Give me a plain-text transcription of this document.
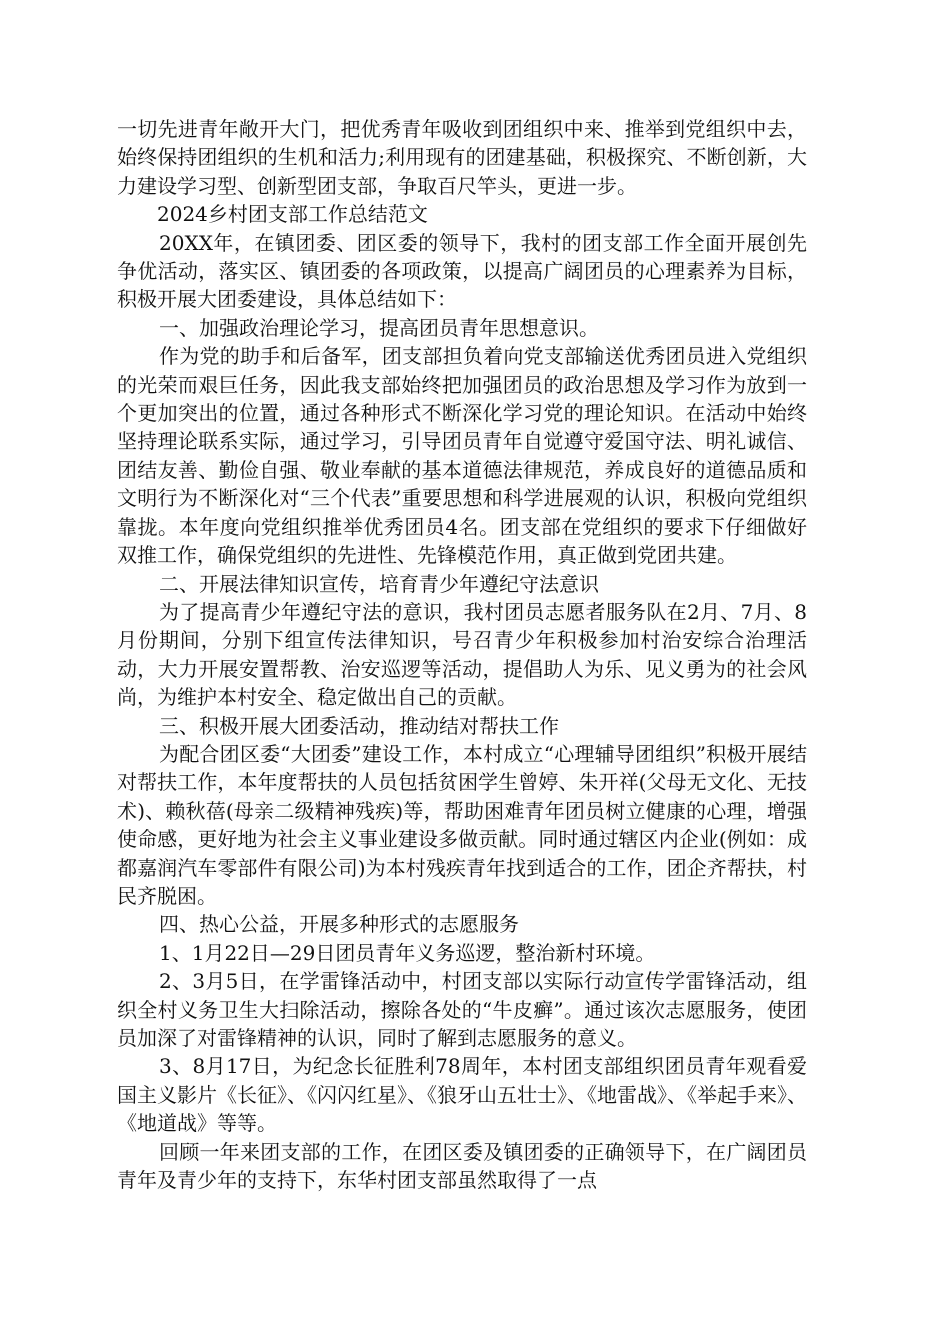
一切先进青年敞开大门，把优秀青年吸收到团组织中来、推举到党组织中去，始终保持团组织的生机和活力;利用现有的团建基础，积极探究、不断创新，大力建设学习型、创新型团支部，争取百尺竿头，更进一步。

2024乡村团支部工作总结范文

20XX年，在镇团委、团区委的领导下，我村的团支部工作全面开展创先争优活动，落实区、镇团委的各项政策，以提高广阔团员的心理素养为目标，积极开展大团委建设，具体总结如下：

一、加强政治理论学习，提高团员青年思想意识。

作为党的助手和后备军，团支部担负着向党支部输送优秀团员进入党组织的光荣而艰巨任务，因此我支部始终把加强团员的政治思想及学习作为放到一个更加突出的位置，通过各种形式不断深化学习党的理论知识。在活动中始终坚持理论联系实际，通过学习，引导团员青年自觉遵守爱国守法、明礼诚信、团结友善、勤俭自强、敬业奉献的基本道德法律规范，养成良好的道德品质和文明行为不断深化对“三个代表”重要思想和科学进展观的认识，积极向党组织靠拢。本年度向党组织推举优秀团员4名。团支部在党组织的要求下仔细做好双推工作，确保党组织的先进性、先锋模范作用，真正做到党团共建。

二、开展法律知识宣传，培育青少年遵纪守法意识

为了提高青少年遵纪守法的意识，我村团员志愿者服务队在2月、7月、8月份期间，分别下组宣传法律知识，号召青少年积极参加村治安综合治理活动，大力开展安置帮教、治安巡逻等活动，提倡助人为乐、见义勇为的社会风尚，为维护本村安全、稳定做出自己的贡献。

三、积极开展大团委活动，推动结对帮扶工作

为配合团区委“大团委”建设工作，本村成立“心理辅导团组织”积极开展结对帮扶工作，本年度帮扶的人员包括贫困学生曾婷、朱开祥(父母无文化、无技术)、赖秋蓓(母亲二级精神残疾)等，帮助困难青年团员树立健康的心理，增强使命感，更好地为社会主义事业建设多做贡献。同时通过辖区内企业(例如：成都嘉润汽车零部件有限公司)为本村残疾青年找到适合的工作，团企齐帮扶，村民齐脱困。

四、热心公益，开展多种形式的志愿服务

1、1月22日—29日团员青年义务巡逻，整治新村环境。

2、3月5日，在学雷锋活动中，村团支部以实际行动宣传学雷锋活动，组织全村义务卫生大扫除活动，擦除各处的“牛皮癣”。通过该次志愿服务，使团员加深了对雷锋精神的认识，同时了解到志愿服务的意义。

3、8月17日，为纪念长征胜利78周年，本村团支部组织团员青年观看爱国主义影片《长征》、《闪闪红星》、《狼牙山五壮士》、《地雷战》、《举起手来》、《地道战》等等。

回顾一年来团支部的工作，在团区委及镇团委的正确领导下，在广阔团员青年及青少年的支持下，东华村团支部虽然取得了一点
